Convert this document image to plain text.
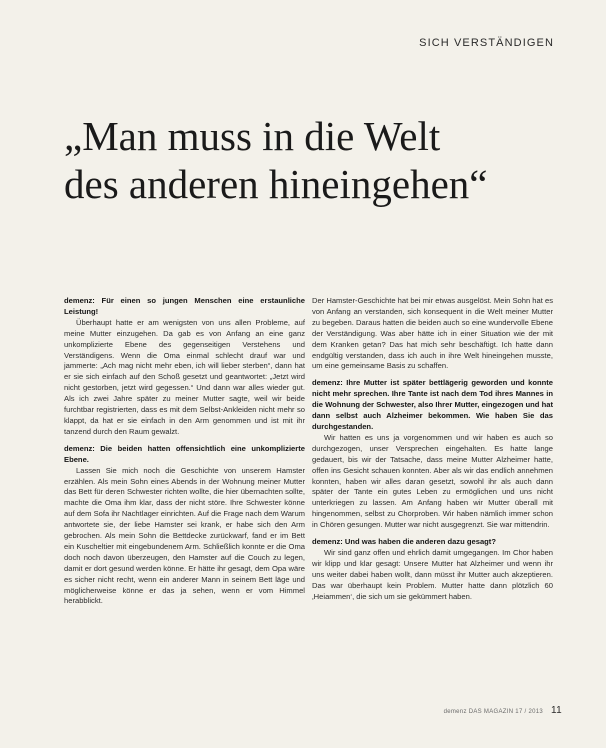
SICH VERSTÄNDIGEN
„Man muss in die Welt
des anderen hineingehen“

demenz: Für einen so jungen Menschen eine erstaunliche Leistung!

Überhaupt hatte er am wenigsten von uns allen Probleme, auf meine Mutter einzugehen. Da gab es von Anfang an eine ganz unkomplizierte Ebene des gegenseitigen Verstehens und Verständigens. Wenn die Oma einmal schlecht drauf war und jammerte: „Ach mag nicht mehr eben, ich will lieber sterben“, dann hat er sie sich einfach auf den Schoß gesetzt und geantwortet: „Jetzt wird nicht gestorben, jetzt wird gegessen.“ Und dann war alles wieder gut. Als ich zwei Jahre später zu meiner Mutter sagte, weil wir beide furchtbar registrierten, dass es mit dem Selbst-Ankleiden nicht mehr so klappt, da hat er sie einfach in den Arm genommen und ist mit ihr tanzend durch den Raum gewalzt.

demenz: Die beiden hatten offensichtlich eine unkomplizierte Ebene.

Lassen Sie mich noch die Geschichte von unserem Hamster erzählen. Als mein Sohn eines Abends in der Wohnung meiner Mutter das Bett für deren Schwester richten wollte, die hier übernachten sollte, machte die Oma ihm klar, dass der nicht störe. Ihre Schwester könne auf dem Sofa ihr Nachtlager einrichten. Auf die Frage nach dem Warum antwortete sie, der liebe Hamster sei krank, er habe sich den Arm gebrochen. Als mein Sohn die Bettdecke zurückwarf, fand er im Bett ein Kuscheltier mit eingebundenem Arm. Schließlich konnte er die Oma doch noch davon überzeugen, den Hamster auf die Couch zu legen, damit er dort gesund werden könne. Er hätte ihr gesagt, dem Opa wäre es sicher nicht recht, wenn ein anderer Mann in seinem Bett läge und möglicherweise könne er das ja sehen, wenn er vom Himmel herabblickt.

Der Hamster-Geschichte hat bei mir etwas ausgelöst. Mein Sohn hat es von Anfang an verstanden, sich konsequent in die Welt meiner Mutter zu begeben. Daraus hatten die beiden auch so eine wundervolle Ebene der Verständigung. Was aber hätte ich in einer Situation wie der mit dem Kranken getan? Das hat mich sehr beschäftigt. Ich hatte dann endgültig verstanden, dass ich auch in ihre Welt hineingehen musste, um eine gemeinsame Basis zu schaffen.

demenz: Ihre Mutter ist später bettlägerig geworden und konnte nicht mehr sprechen. Ihre Tante ist nach dem Tod ihres Mannes in die Wohnung der Schwester, also Ihrer Mutter, eingezogen und hat dann selbst auch Alzheimer bekommen. Wie haben Sie das durchgestanden.

Wir hatten es uns ja vorgenommen und wir haben es auch so durchgezogen, unser Versprechen eingehalten. Es hatte lange gedauert, bis wir der Tatsache, dass meine Mutter Alzheimer hatte, offen ins Gesicht schauen konnten. Aber als wir das endlich annehmen konnten, haben wir alles daran gesetzt, sowohl ihr als auch dann später der Tante ein gutes Leben zu ermöglichen und uns nicht unterkriegen zu lassen. Am Anfang haben wir Mutter überall mit hingenommen, selbst zu Chorproben. Wir haben nämlich immer schon in Chören gesungen. Mutter war nicht ausgegrenzt. Sie war mittendrin.

demenz: Und was haben die anderen dazu gesagt?

Wir sind ganz offen und ehrlich damit umgegangen. Im Chor haben wir klipp und klar gesagt: Unsere Mutter hat Alzheimer und wenn ihr uns weiter dabei haben wollt, dann müsst ihr Mutter auch akzeptieren. Das war überhaupt kein Problem. Mutter hatte dann plötzlich 60 ‚Heiammen‘, die sich um sie gekümmert haben.

demenz DAS MAGAZIN 17 / 2013 11
